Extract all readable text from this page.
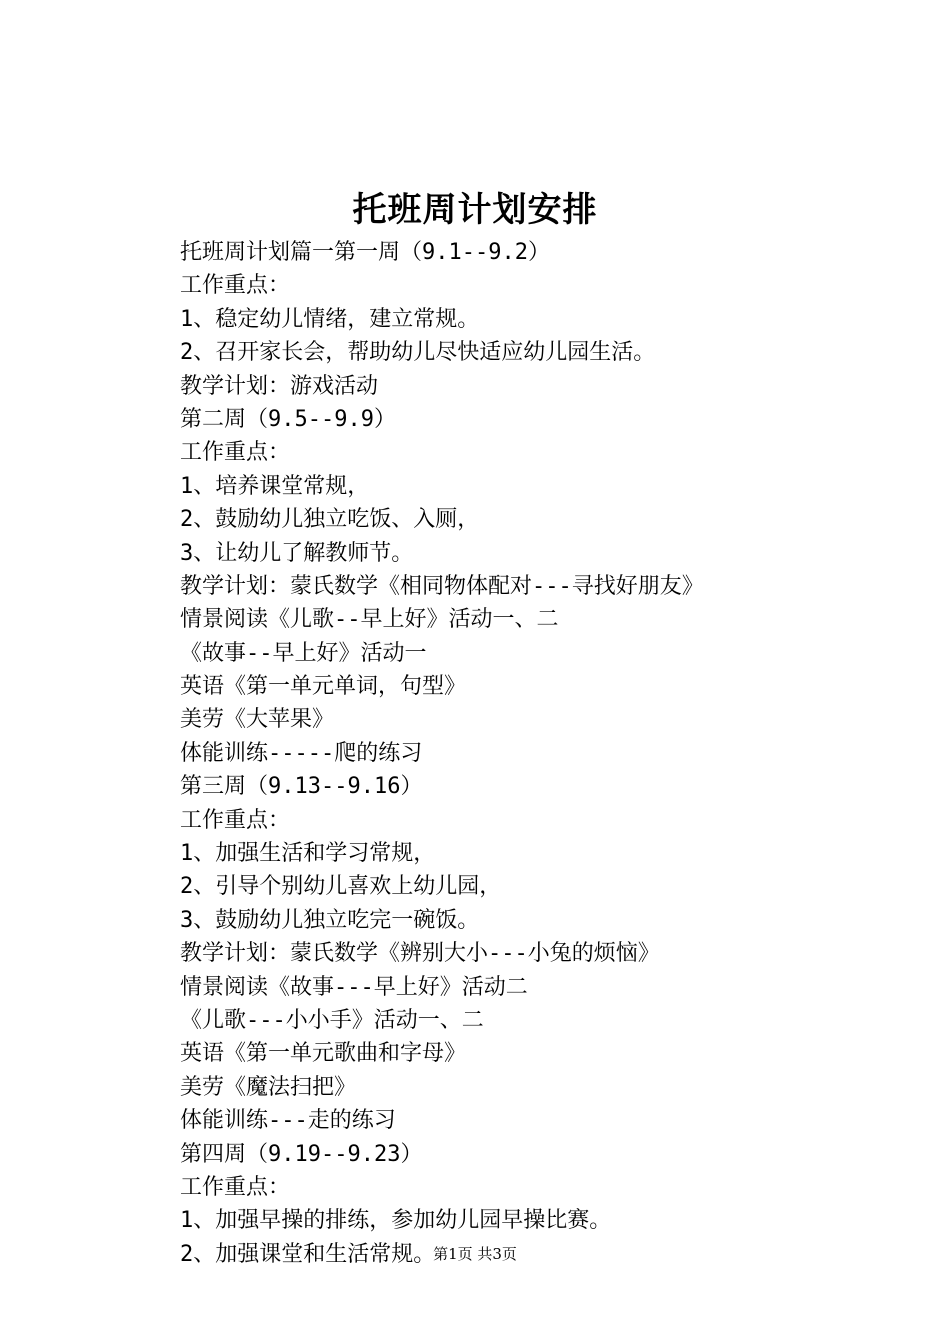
托班周计划安排
托班周计划篇一第一周（9.1--9.2）
工作重点：
1、稳定幼儿情绪，建立常规。
2、召开家长会，帮助幼儿尽快适应幼儿园生活。
教学计划：游戏活动
第二周（9.5--9.9）
工作重点：
1、培养课堂常规，
2、鼓励幼儿独立吃饭、入厕，
3、让幼儿了解教师节。
教学计划：蒙氏数学《相同物体配对---寻找好朋友》
情景阅读《儿歌--早上好》活动一、二
《故事--早上好》活动一
英语《第一单元单词，句型》
美劳《大苹果》
体能训练-----爬的练习
第三周（9.13--9.16）
工作重点：
1、加强生活和学习常规，
2、引导个别幼儿喜欢上幼儿园，
3、鼓励幼儿独立吃完一碗饭。
教学计划：蒙氏数学《辨别大小---小兔的烦恼》
情景阅读《故事---早上好》活动二
《儿歌---小小手》活动一、二
英语《第一单元歌曲和字母》
美劳《魔法扫把》
体能训练---走的练习
第四周（9.19--9.23）
工作重点：
1、加强早操的排练，参加幼儿园早操比赛。
2、加强课堂和生活常规。
第1页 共3页
